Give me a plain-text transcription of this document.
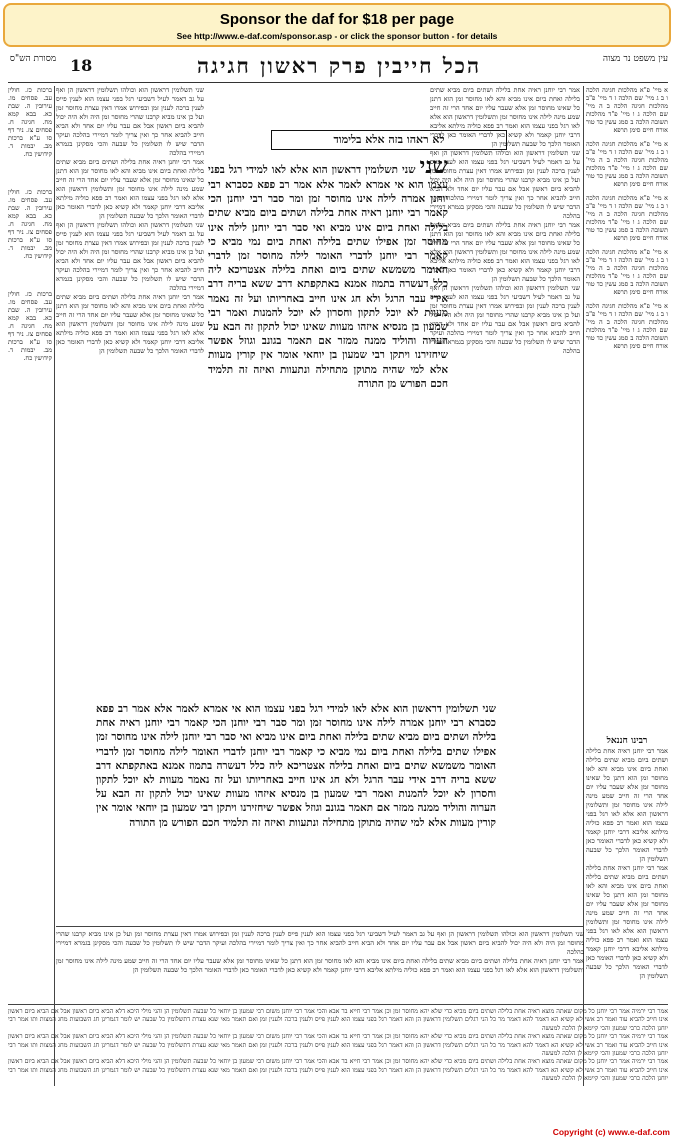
Sponsor the daf for $18 per page
See http://www.e-daf.com/sponsor.asp - or click the sponsor button - for details
עין משפט נר מצוה
הכל חייבין פרק ראשון חגיגה
18
מסורת הש"ס

א מיי' פ"א מהלכות חגיגה הלכה ו ב ג מיי' שם הלכה ז ד מיי' פ"ב מהלכות חגיגה הלכה ב ה מיי' שם הלכה ג ו מיי' פ"ד מהלכות תשובה הלכה ב סמג עשין כד טור אורח חיים סימן תרפא

א מיי' פ"א מהלכות חגיגה הלכה ו ב ג מיי' שם הלכה ז ד מיי' פ"ב מהלכות חגיגה הלכה ב ה מיי' שם הלכה ג ו מיי' פ"ד מהלכות תשובה הלכה ב סמג עשין כד טור אורח חיים סימן תרפא

א מיי' פ"א מהלכות חגיגה הלכה ו ב ג מיי' שם הלכה ז ד מיי' פ"ב מהלכות חגיגה הלכה ב ה מיי' שם הלכה ג ו מיי' פ"ד מהלכות תשובה הלכה ב סמג עשין כד טור אורח חיים סימן תרפא

א מיי' פ"א מהלכות חגיגה הלכה ו ב ג מיי' שם הלכה ז ד מיי' פ"ב מהלכות חגיגה הלכה ב ה מיי' שם הלכה ג ו מיי' פ"ד מהלכות תשובה הלכה ב סמג עשין כד טור אורח חיים סימן תרפא

א מיי' פ"א מהלכות חגיגה הלכה ו ב ג מיי' שם הלכה ז ד מיי' פ"ב מהלכות חגיגה הלכה ב ה מיי' שם הלכה ג ו מיי' פ"ד מהלכות תשובה הלכה ב סמג עשין כד טור אורח חיים סימן תרפא

רבינו חננאל

אמר רבי יוחנן ראיה אחת בלילה ושתים ביום מביא שתים בלילה ואחת ביום אינו מביא והא לאו מחוסר זמן הוא דתנן כל שאינו מחוסר זמן אלא שעבר עליו יום אחד הרי זה חייב שמע מינה לילה אינו מחוסר זמן ותשלומין דראשון הוא אלא לאו רגל בפני עצמו הוא ואמר רב פפא כוליה מילתא אליבא דרבי יוחנן קאמר ולא קשיא כאן לדברי האומר כאן לדברי האומר הלכך כל שבעה תשלומין הן

אמר רבי יוחנן ראיה אחת בלילה ושתים ביום מביא שתים בלילה ואחת ביום אינו מביא והא לאו מחוסר זמן הוא דתנן כל שאינו מחוסר זמן אלא שעבר עליו יום אחד הרי זה חייב שמע מינה לילה אינו מחוסר זמן ותשלומין דראשון הוא אלא לאו רגל בפני עצמו הוא ואמר רב פפא כוליה מילתא אליבא דרבי יוחנן קאמר ולא קשיא כאן לדברי האומר כאן לדברי האומר הלכך כל שבעה תשלומין הן

אמר רבי יוחנן ראיה אחת בלילה ושתים ביום מביא שתים בלילה ואחת ביום אינו מביא והא לאו מחוסר זמן הוא דתנן כל שאינו מחוסר זמן אלא שעבר עליו יום אחד הרי זה חייב שמע מינה לילה אינו מחוסר זמן ותשלומין דראשון הוא אלא לאו רגל בפני עצמו הוא ואמר רב פפא כוליה מילתא אליבא דרבי יוחנן קאמר ולא קשיא כאן לדברי האומר כאן לדברי האומר הלכך כל שבעה תשלומין הן

שני תשלומין דראשון הוא וכולהו תשלומין דראשון הן ואף על גב דאמר לעיל דשביעי רגל בפני עצמו הוא לענין פייס לענין ברכה לענין זמן ובפירוש אמרו דאין עצרת מחוסר זמן ועל כן אינו מביא קרבנו שהרי מחוסר זמן היה ולא היה יכול להביא ביום ראשון אבל אם עבר עליו יום אחד ולא הביא חייב להביא אחר כך ואין צריך לומר דמיירי בהלכה ועיקר הדבר שיש לו תשלומין כל שבעה והכי מסקינן בגמרא דמיירי בהלכה

אמר רבי יוחנן ראיה אחת בלילה ושתים ביום מביא שתים בלילה ואחת ביום אינו מביא והא לאו מחוסר זמן הוא דתנן כל שאינו מחוסר זמן אלא שעבר עליו יום אחד הרי זה חייב שמע מינה לילה אינו מחוסר זמן ותשלומין דראשון הוא אלא לאו רגל בפני עצמו הוא ואמר רב פפא כוליה מילתא אליבא דרבי יוחנן קאמר ולא קשיא כאן לדברי האומר כאן לדברי האומר הלכך כל שבעה תשלומין הן

שני תשלומין דראשון הוא וכולהו תשלומין דראשון הן ואף על גב דאמר לעיל דשביעי רגל בפני עצמו הוא לענין פייס לענין ברכה לענין זמן ובפירוש אמרו דאין עצרת מחוסר זמן ועל כן אינו מביא קרבנו שהרי מחוסר זמן היה ולא היה יכול להביא ביום ראשון אבל אם עבר עליו יום אחד ולא הביא חייב להביא אחר כך ואין צריך לומר דמיירי בהלכה ועיקר הדבר שיש לו תשלומין כל שבעה והכי מסקינן בגמרא דמיירי בהלכה

לא ראהו בזה אלא בלימוד
שני שני תשלומין דראשון הוא אלא לאו למידי רגל בפני עצמו הוא אי אמרא לאמר אלא אמר רב פפא כסברא רבי יוחנן אמרה לילה אינו מחוסר זמן ומר סבר רבי יוחנן הכי קאמר רבי יוחנן ראיה אחת בלילה ושתים ביום מביא שתים בלילה ואחת ביום אינו מביא ואי סבר רבי יוחנן לילה אינו מחוסר זמן אפילו שתים בלילה ואחת ביום נמי מביא כי קאמר רבי יוחנן לדברי האומר לילה מחוסר זמן לדברי האומר משמשא שתים ביום ואחת בלילה אצטריכא ליה כלל דעשרה בתמוז אמנא באתקפתא דרב ששא בריה דרב אידי עבר הרגל ולא חג אינו חייב באחריותו ועל זה נאמר מעוות לא יוכל לתקון וחסרון לא יוכל להמנות ואמר רבי שמעון בן מנסיא איזהו מעוות שאינו יכול לתקון זה הבא על הערוה והוליד ממנה ממזר אם תאמר בגונב וגוזל אפשר שיחזירנו ויתקן רבי שמעון בן יוחאי אומר אין קורין מעוות אלא למי שהיה מתוקן מתחילה ונתעוות ואיזה זה תלמיד חכם הפורש מן התורה
שני תשלומין דראשון הוא אלא לאו למידי רגל בפני עצמו הוא אי אמרא לאמר אלא אמר רב פפא כסברא רבי יוחנן אמרה לילה אינו מחוסר זמן ומר סבר רבי יוחנן הכי קאמר רבי יוחנן ראיה אחת בלילה ושתים ביום מביא שתים בלילה ואחת ביום אינו מביא ואי סבר רבי יוחנן לילה אינו מחוסר זמן אפילו שתים בלילה ואחת ביום נמי מביא כי קאמר רבי יוחנן לדברי האומר לילה מחוסר זמן לדברי האומר משמשא שתים ביום ואחת בלילה אצטריכא ליה כלל דעשרה בתמוז אמנא באתקפתא דרב ששא בריה דרב אידי עבר הרגל ולא חג אינו חייב באחריותו ועל זה נאמר מעוות לא יוכל לתקון וחסרון לא יוכל להמנות ואמר רבי שמעון בן מנסיא איזהו מעוות שאינו יכול לתקון זה הבא על הערוה והוליד ממנה ממזר אם תאמר בגונב וגוזל אפשר שיחזירנו ויתקן רבי שמעון בן יוחאי אומר אין קורין מעוות אלא למי שהיה מתוקן מתחילה ונתעוות ואיזה זה תלמיד חכם הפורש מן התורה

שני תשלומין דראשון הוא וכולהו תשלומין דראשון הן ואף על גב דאמר לעיל דשביעי רגל בפני עצמו הוא לענין פייס לענין ברכה לענין זמן ובפירוש אמרו דאין עצרת מחוסר זמן ועל כן אינו מביא קרבנו שהרי מחוסר זמן היה ולא היה יכול להביא ביום ראשון אבל אם עבר עליו יום אחד ולא הביא חייב להביא אחר כך ואין צריך לומר דמיירי בהלכה ועיקר הדבר שיש לו תשלומין כל שבעה והכי מסקינן בגמרא דמיירי בהלכה

אמר רבי יוחנן ראיה אחת בלילה ושתים ביום מביא שתים בלילה ואחת ביום אינו מביא והא לאו מחוסר זמן הוא דתנן כל שאינו מחוסר זמן אלא שעבר עליו יום אחד הרי זה חייב שמע מינה לילה אינו מחוסר זמן ותשלומין דראשון הוא אלא לאו רגל בפני עצמו הוא ואמר רב פפא כוליה מילתא אליבא דרבי יוחנן קאמר ולא קשיא כאן לדברי האומר כאן לדברי האומר הלכך כל שבעה תשלומין הן

שני תשלומין דראשון הוא וכולהו תשלומין דראשון הן ואף על גב דאמר לעיל דשביעי רגל בפני עצמו הוא לענין פייס לענין ברכה לענין זמן ובפירוש אמרו דאין עצרת מחוסר זמן ועל כן אינו מביא קרבנו שהרי מחוסר זמן היה ולא היה יכול להביא ביום ראשון אבל אם עבר עליו יום אחד ולא הביא חייב להביא אחר כך ואין צריך לומר דמיירי בהלכה ועיקר הדבר שיש לו תשלומין כל שבעה והכי מסקינן בגמרא דמיירי בהלכה

אמר רבי יוחנן ראיה אחת בלילה ושתים ביום מביא שתים בלילה ואחת ביום אינו מביא והא לאו מחוסר זמן הוא דתנן כל שאינו מחוסר זמן אלא שעבר עליו יום אחד הרי זה חייב שמע מינה לילה אינו מחוסר זמן ותשלומין דראשון הוא אלא לאו רגל בפני עצמו הוא ואמר רב פפא כוליה מילתא אליבא דרבי יוחנן קאמר ולא קשיא כאן לדברי האומר כאן לדברי האומר הלכך כל שבעה תשלומין הן

ברכות כז. חולין עב. פסחים מו. עירובין ה. שבת כא. בבא קמא מח. חגיגה ח. פסחים צז. ניר דף סו ע"א ברכות מב. יבמות ד. קידושין כח.

ברכות כז. חולין עב. פסחים מו. עירובין ה. שבת כא. בבא קמא מח. חגיגה ח. פסחים צז. ניר דף סו ע"א ברכות מב. יבמות ד. קידושין כח.

ברכות כז. חולין עב. פסחים מו. עירובין ה. שבת כא. בבא קמא מח. חגיגה ח. פסחים צז. ניר דף סו ע"א ברכות מב. יבמות ד. קידושין כח.

שני תשלומין דראשון הוא וכולהו תשלומין דראשון הן ואף על גב דאמר לעיל דשביעי רגל בפני עצמו הוא לענין פייס לענין ברכה לענין זמן ובפירוש אמרו דאין עצרת מחוסר זמן ועל כן אינו מביא קרבנו שהרי מחוסר זמן היה ולא היה יכול להביא ביום ראשון אבל אם עבר עליו יום אחד ולא הביא חייב להביא אחר כך ואין צריך לומר דמיירי בהלכה ועיקר הדבר שיש לו תשלומין כל שבעה והכי מסקינן בגמרא דמיירי בהלכה

אמר רבי יוחנן ראיה אחת בלילה ושתים ביום מביא שתים בלילה ואחת ביום אינו מביא והא לאו מחוסר זמן הוא דתנן כל שאינו מחוסר זמן אלא שעבר עליו יום אחד הרי זה חייב שמע מינה לילה אינו מחוסר זמן ותשלומין דראשון הוא אלא לאו רגל בפני עצמו הוא ואמר רב פפא כוליה מילתא אליבא דרבי יוחנן קאמר ולא קשיא כאן לדברי האומר כאן לדברי האומר הלכך כל שבעה תשלומין הן

אמר רבי ירמיה אמר רבי יוחנן כל מקום שאתה מוצא ראיה אחת בלילה ושתים ביום מביא כדי שלא יהא מחוסר זמן וכן אמר רבי חייא בר אבא והכי אמר רבי יוחנן משום רבי שמעון בן יוחאי כל שבעה תשלומין הן והני מילי היכא דלא הביא ביום ראשון אבל אם הביא ביום ראשון אינו חייב להביא עוד ואמר רב אשי לא קשיא הא דאמר להא דאמר מר כל הני רגלים תשלומין דראשון הן והא דאמר רגל בפני עצמו הוא לענין פייס ולענין ברכה ולענין זמן ואם תאמר מאי שנא עצרת דתשלומין כל שבעה יש לומר דגמרינן חג השבועות מחג המצות ותו אמר רבי יוחנן הלכה כרבי שמעון והכי קיימא לן הלכה למעשה

אמר רבי ירמיה אמר רבי יוחנן כל מקום שאתה מוצא ראיה אחת בלילה ושתים ביום מביא כדי שלא יהא מחוסר זמן וכן אמר רבי חייא בר אבא והכי אמר רבי יוחנן משום רבי שמעון בן יוחאי כל שבעה תשלומין הן והני מילי היכא דלא הביא ביום ראשון אבל אם הביא ביום ראשון אינו חייב להביא עוד ואמר רב אשי לא קשיא הא דאמר להא דאמר מר כל הני רגלים תשלומין דראשון הן והא דאמר רגל בפני עצמו הוא לענין פייס ולענין ברכה ולענין זמן ואם תאמר מאי שנא עצרת דתשלומין כל שבעה יש לומר דגמרינן חג השבועות מחג המצות ותו אמר רבי יוחנן הלכה כרבי שמעון והכי קיימא לן הלכה למעשה

אמר רבי ירמיה אמר רבי יוחנן כל מקום שאתה מוצא ראיה אחת בלילה ושתים ביום מביא כדי שלא יהא מחוסר זמן וכן אמר רבי חייא בר אבא והכי אמר רבי יוחנן משום רבי שמעון בן יוחאי כל שבעה תשלומין הן והני מילי היכא דלא הביא ביום ראשון אבל אם הביא ביום ראשון אינו חייב להביא עוד ואמר רב אשי לא קשיא הא דאמר להא דאמר מר כל הני רגלים תשלומין דראשון הן והא דאמר רגל בפני עצמו הוא לענין פייס ולענין ברכה ולענין זמן ואם תאמר מאי שנא עצרת דתשלומין כל שבעה יש לומר דגמרינן חג השבועות מחג המצות ותו אמר רבי יוחנן הלכה כרבי שמעון והכי קיימא לן הלכה למעשה

Copyright (c) www.e-daf.com
